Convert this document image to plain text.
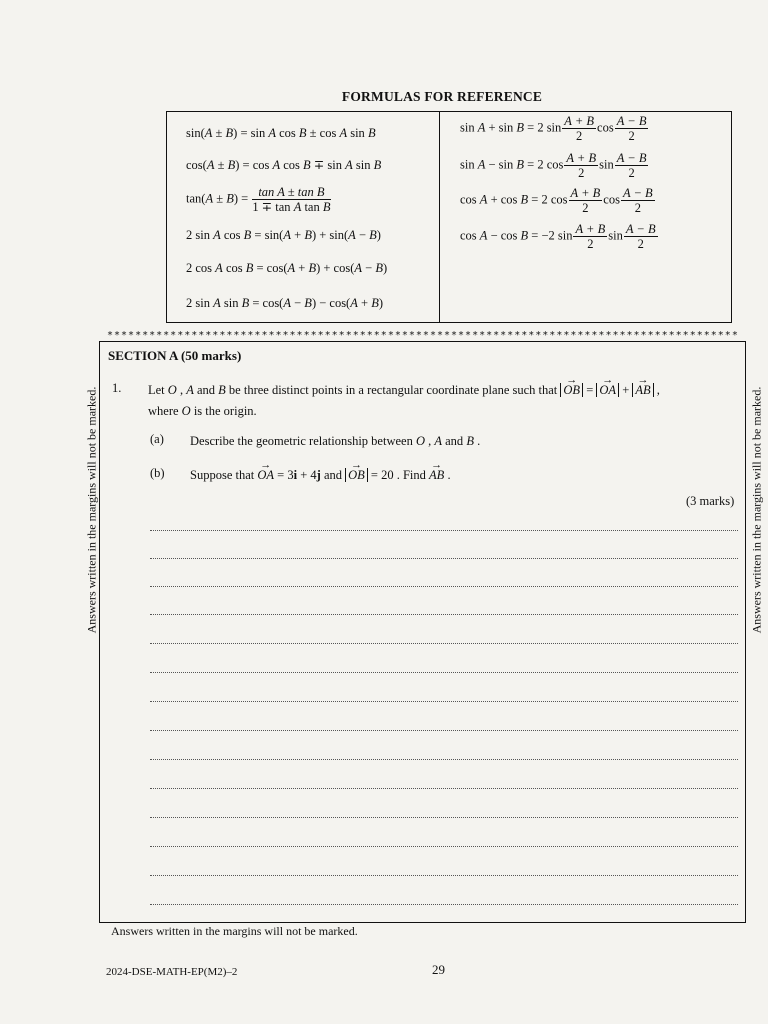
FORMULAS FOR REFERENCE
sin(A ± B) = sin A cos B ± cos A sin B
cos(A ± B) = cos A cos B ∓ sin A sin B
$\tan(A \pm B) = \frac{\text{tan A ± tan B}}{\text{1 ∓ tan A tan B}}$
2 sin A cos B = sin(A + B) + sin(A − B)
2 cos A cos B = cos(A + B) + cos(A − B)
2 sin A sin B = cos(A − B) − cos(A + B)
sin A + sin B = 2 $\sin \frac{A + B}{2}$ $\cos \frac{A - B}{2}$
sin A − sin B = 2 $\cos \frac{A + B}{2}$ $\sin \frac{A - B}{2}$
cos A + cos B = 2 $\cos \frac{A + B}{2}$ $\cos \frac{A - B}{2}$
cos A − cos B = −2 $\sin \frac{A + B}{2}$ $\sin \frac{A - B}{2}$
******************************************************************************************
SECTION A (50 marks)
1. Let O , A and B be three distinct points in a rectangular coordinate plane such that → OB = → OA + → AB ,
where O is the origin.
(a) Describe the geometric relationship between O , A and B .
(b) Suppose that → OA = 3i + 4j and → OB = 20 . Find → AB .
(3 marks)
Answers written in the margins will not be marked.	Answers written in the margins will not be marked.
Answers written in the margins will not be marked.
2024-DSE-MATH-EP(M2)–2	29
